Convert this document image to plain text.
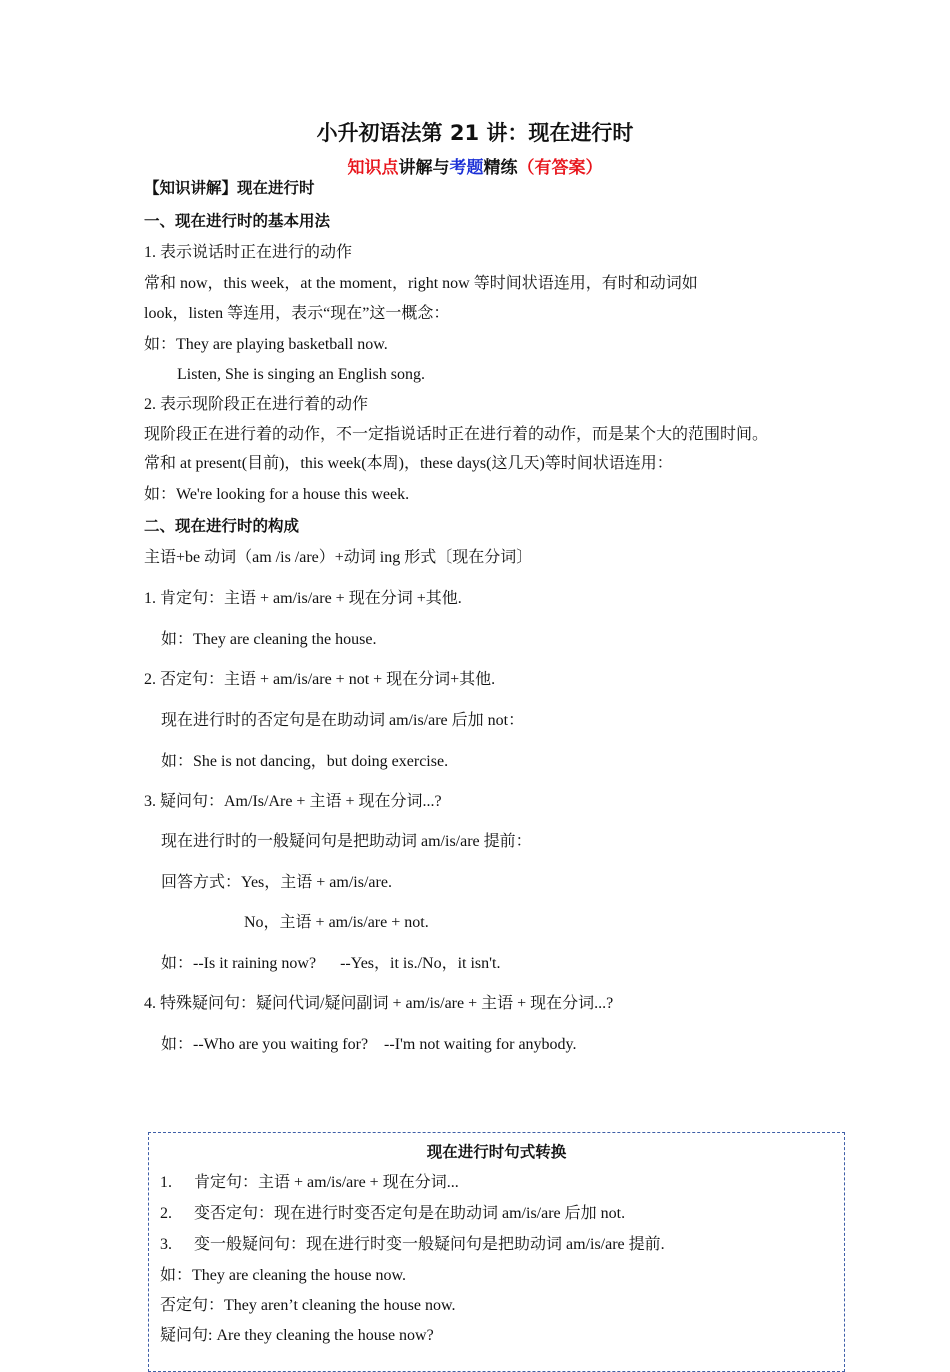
小升初语法第 21 讲：现在进行时
知识点讲解与考题精练（有答案）
【知识讲解】现在进行时
一、现在进行时的基本用法
1. 表示说话时正在进行的动作
常和 now，this week，at the moment，right now 等时间状语连用，有时和动词如
look，listen 等连用，表示“现在”这一概念：
如：They are playing basketball now.
Listen, She is singing an English song.
2. 表示现阶段正在进行着的动作
现阶段正在进行着的动作，不一定指说话时正在进行着的动作，而是某个大的范围时间。
常和 at present(目前)，this week(本周)，these days(这几天)等时间状语连用：
如：We're looking for a house this week.
二、现在进行时的构成
主语+be 动词（am /is /are）+动词 ing 形式〔现在分词〕
1. 肯定句：主语 + am/is/are + 现在分词 +其他.
如：They are cleaning the house.
2. 否定句：主语 + am/is/are + not + 现在分词+其他.
现在进行时的否定句是在助动词 am/is/are 后加 not：
如：She is not dancing，but doing exercise.
3. 疑问句：Am/Is/Are + 主语 + 现在分词...?
现在进行时的一般疑问句是把助动词 am/is/are 提前：
回答方式：Yes，主语 + am/is/are.
No，主语 + am/is/are + not.
如：--Is it raining now?      --Yes，it is./No，it isn't.
4. 特殊疑问句：疑问代词/疑问副词 + am/is/are + 主语 + 现在分词...?
如：--Who are you waiting for?    --I'm not waiting for anybody.
现在进行时句式转换
1. 肯定句：主语 + am/is/are + 现在分词...
2. 变否定句：现在进行时变否定句是在助动词 am/is/are 后加 not.
3. 变一般疑问句：现在进行时变一般疑问句是把助动词 am/is/are 提前.
如：They are cleaning the house now.
否定句：They aren’t cleaning the house now.
疑问句: Are they cleaning the house now?
